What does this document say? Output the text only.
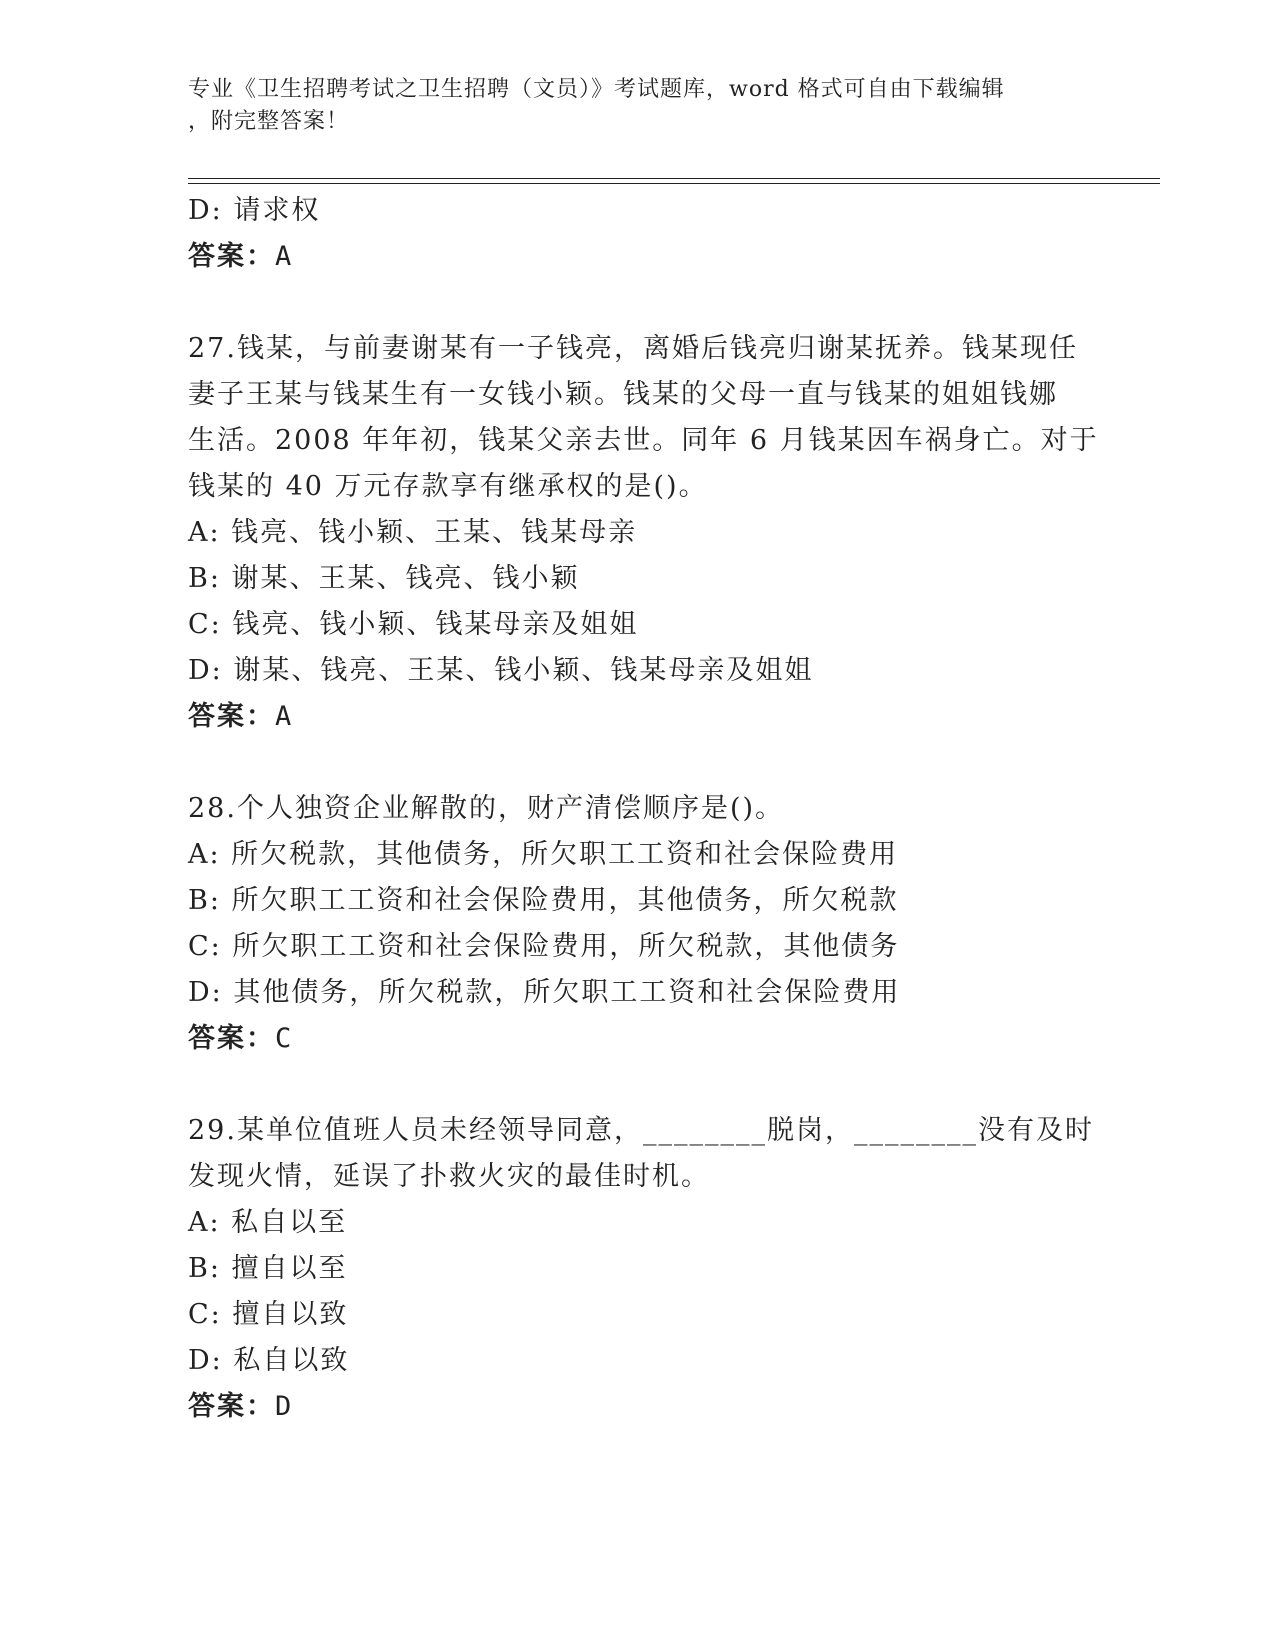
专业《卫生招聘考试之卫生招聘（文员）》考试题库，word 格式可自由下载编辑
，附完整答案！
D: 请求权
答案：A
27.钱某，与前妻谢某有一子钱亮，离婚后钱亮归谢某抚养。钱某现任
妻子王某与钱某生有一女钱小颖。钱某的父母一直与钱某的姐姐钱娜
生活。2008 年年初，钱某父亲去世。同年 6 月钱某因车祸身亡。对于
钱某的 40 万元存款享有继承权的是()。
A: 钱亮、钱小颖、王某、钱某母亲
B: 谢某、王某、钱亮、钱小颖
C: 钱亮、钱小颖、钱某母亲及姐姐
D: 谢某、钱亮、王某、钱小颖、钱某母亲及姐姐
答案：A
28.个人独资企业解散的，财产清偿顺序是()。
A: 所欠税款，其他债务，所欠职工工资和社会保险费用
B: 所欠职工工资和社会保险费用，其他债务，所欠税款
C: 所欠职工工资和社会保险费用，所欠税款，其他债务
D: 其他债务，所欠税款，所欠职工工资和社会保险费用
答案：C
29.某单位值班人员未经领导同意，________脱岗，________没有及时
发现火情，延误了扑救火灾的最佳时机。
A: 私自以至
B: 擅自以至
C: 擅自以致
D: 私自以致
答案：D
